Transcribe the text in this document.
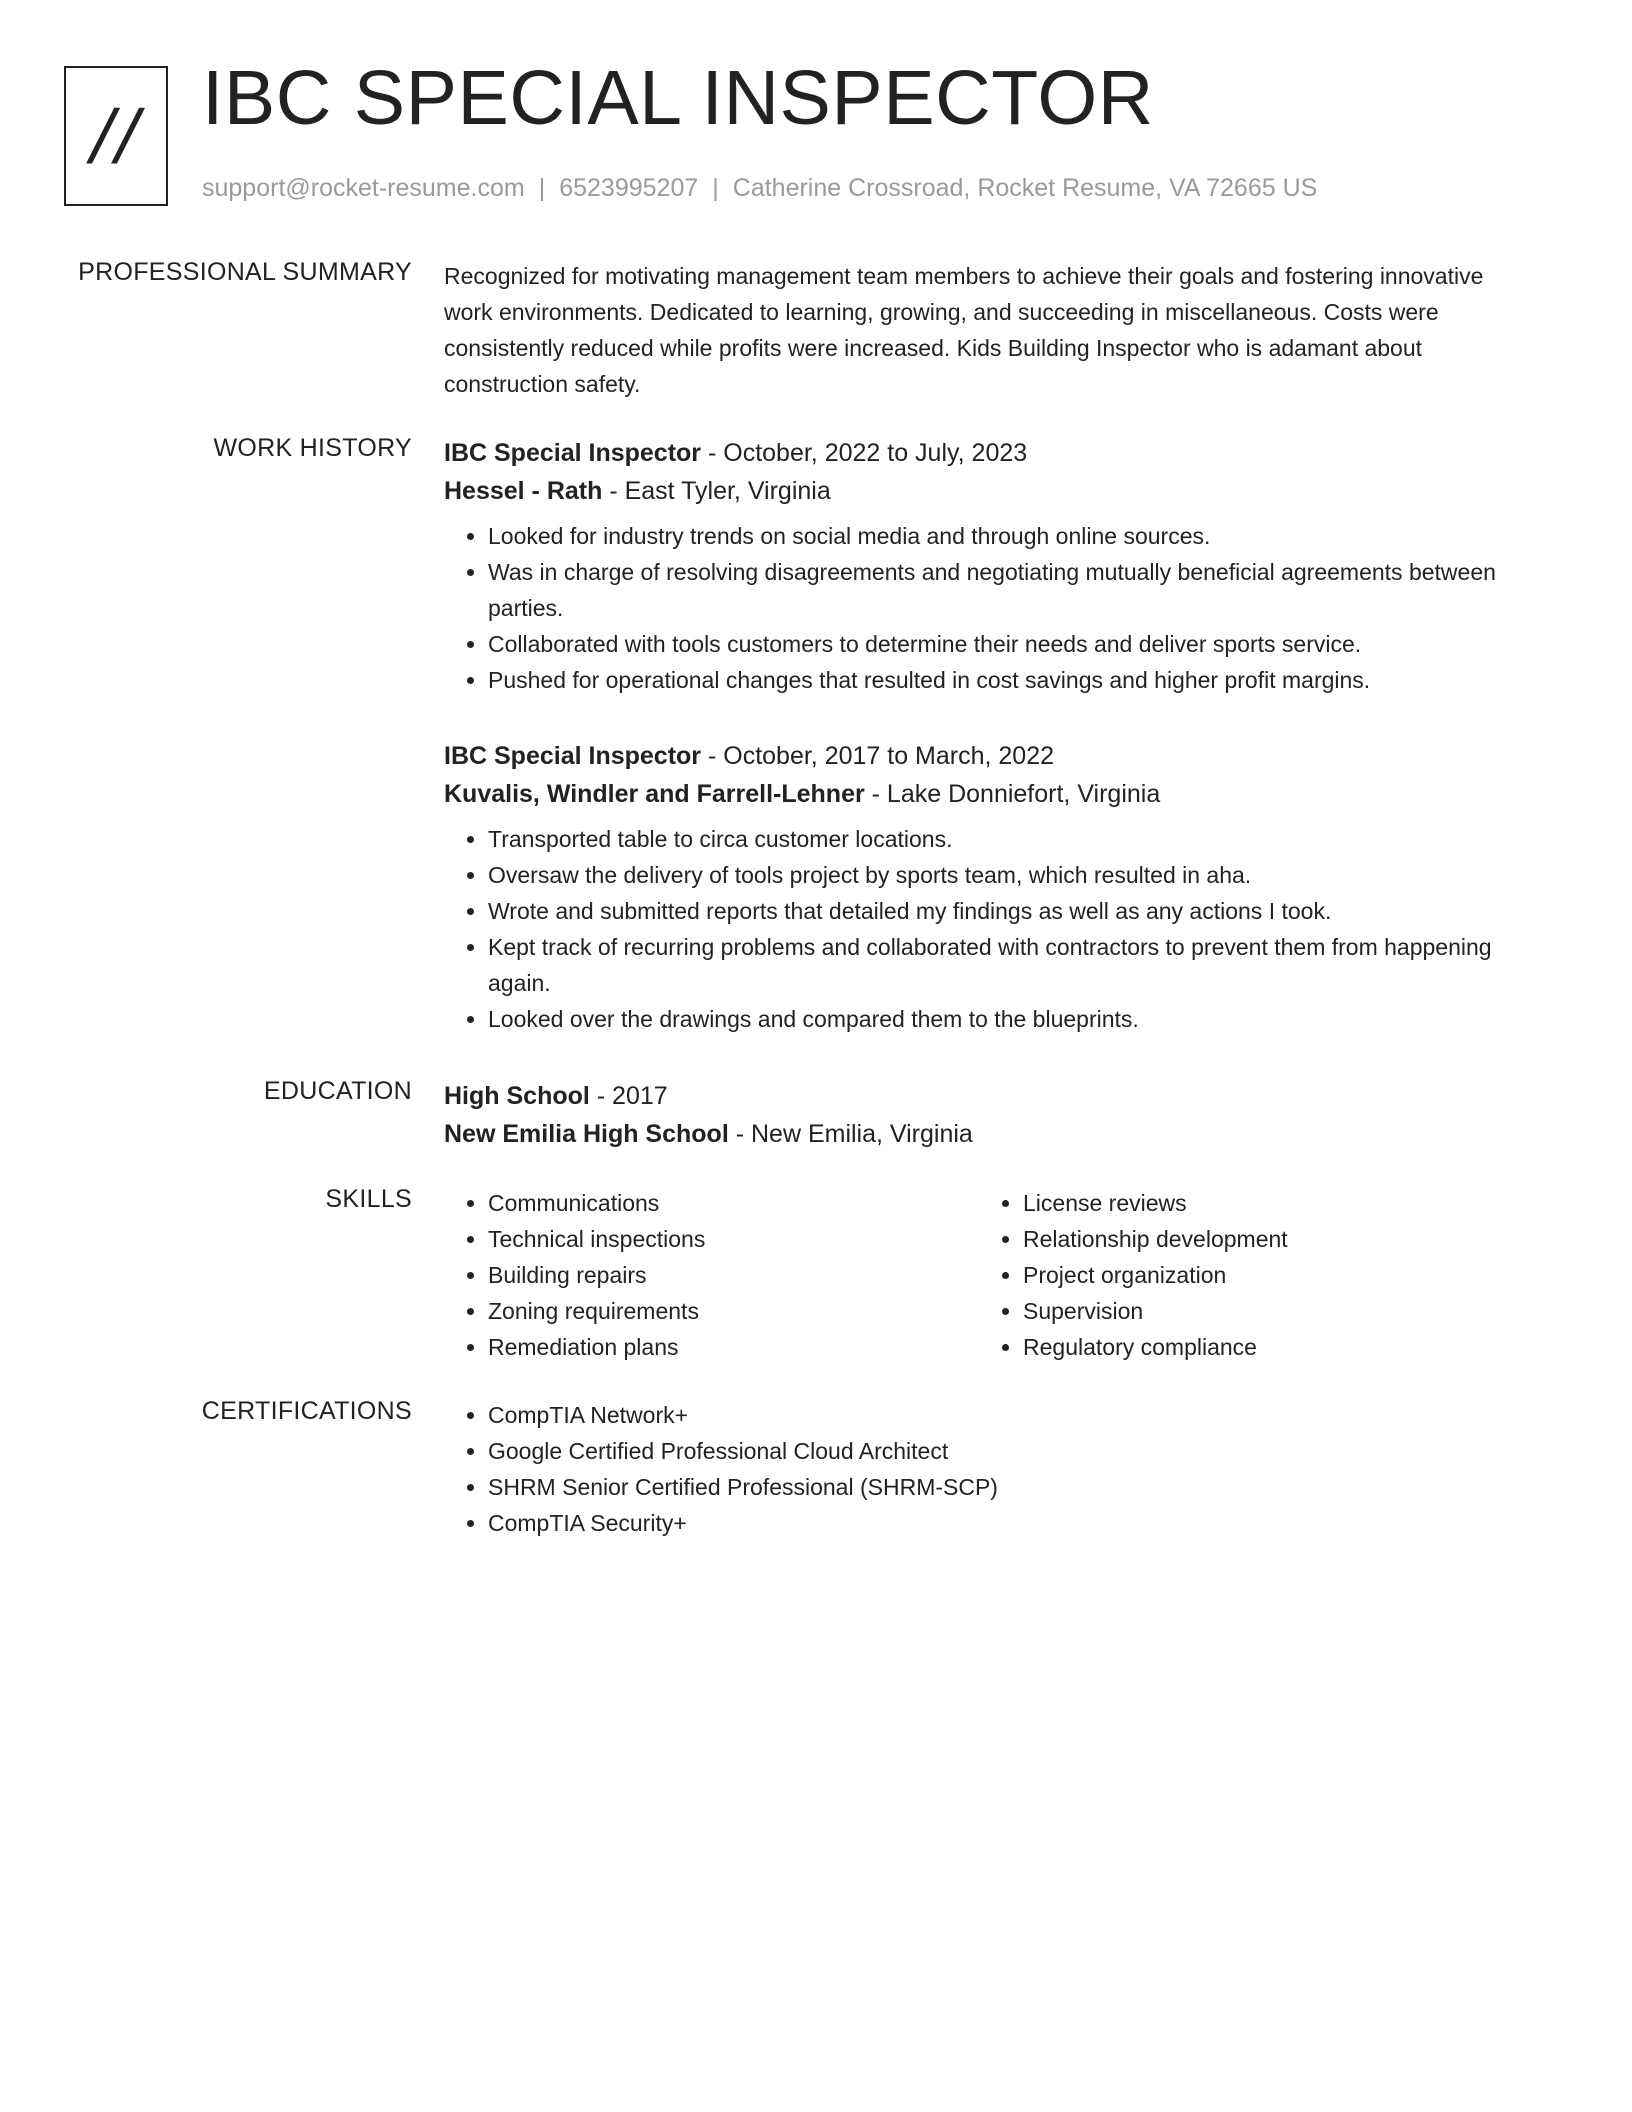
// IBC SPECIAL INSPECTOR
support@rocket-resume.com | 6523995207 | Catherine Crossroad, Rocket Resume, VA 72665 US
PROFESSIONAL SUMMARY Recognized for motivating management team members to achieve their goals and fostering innovative work environments. Dedicated to learning, growing, and succeeding in miscellaneous. Costs were consistently reduced while profits were increased. Kids Building Inspector who is adamant about construction safety.

WORK HISTORY IBC Special Inspector - October, 2022 to July, 2023
Hessel - Rath - East Tyler, Virginia
• Looked for industry trends on social media and through online sources.
• Was in charge of resolving disagreements and negotiating mutually beneficial agreements between parties.
• Collaborated with tools customers to determine their needs and deliver sports service.
• Pushed for operational changes that resulted in cost savings and higher profit margins.
IBC Special Inspector - October, 2017 to March, 2022
Kuvalis, Windler and Farrell-Lehner - Lake Donniefort, Virginia
• Transported table to circa customer locations.
• Oversaw the delivery of tools project by sports team, which resulted in aha.
• Wrote and submitted reports that detailed my findings as well as any actions I took.
• Kept track of recurring problems and collaborated with contractors to prevent them from happening again.
• Looked over the drawings and compared them to the blueprints.
EDUCATION High School - 2017
New Emilia High School - New Emilia, Virginia
SKILLS	• Communications
• Technical inspections
• Building repairs
• Zoning requirements
• Remediation plans
• License reviews
• Relationship development
• Project organization
• Supervision
• Regulatory compliance
CERTIFICATIONS	• CompTIA Network+
• Google Certified Professional Cloud Architect
• SHRM Senior Certified Professional (SHRM-SCP)
• CompTIA Security+
